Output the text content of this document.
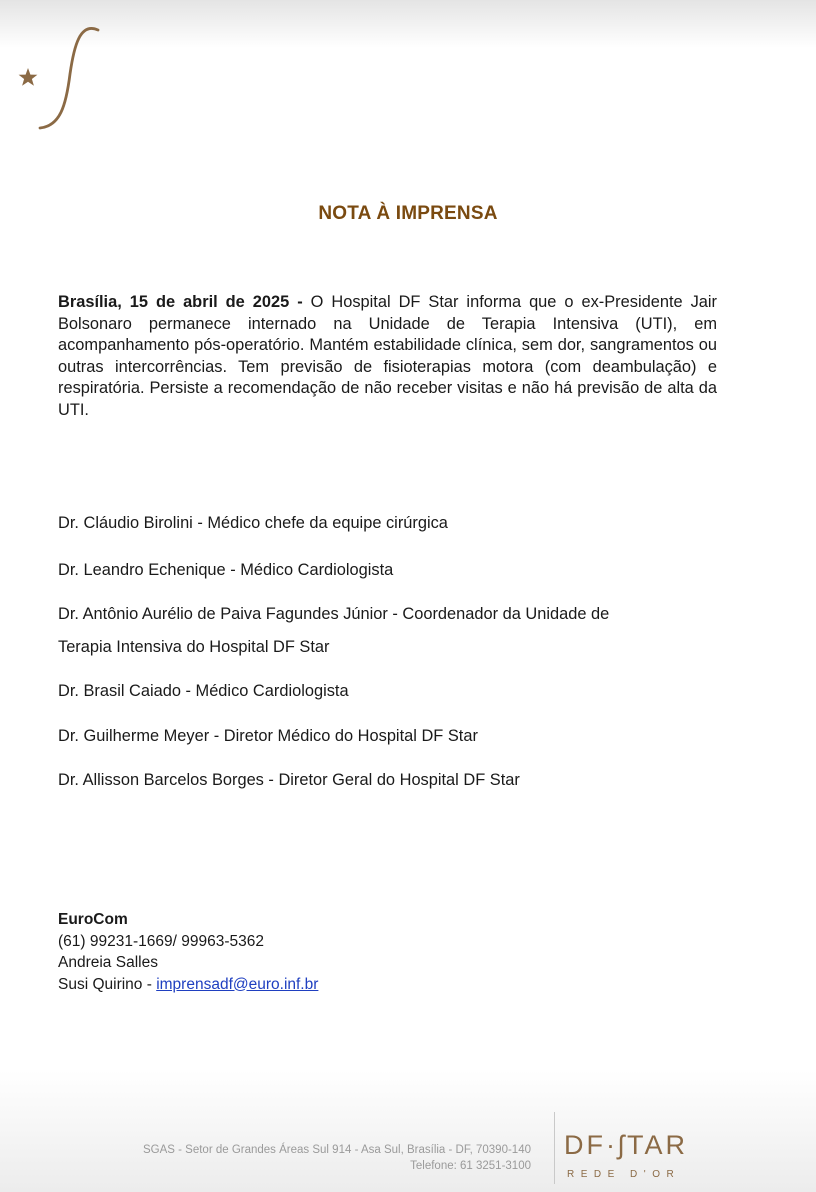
NOTA À IMPRENSA
Brasília, 15 de abril de 2025 - O Hospital DF Star informa que o ex-Presidente Jair Bolsonaro permanece internado na Unidade de Terapia Intensiva (UTI), em acompanhamento pós-operatório. Mantém estabilidade clínica, sem dor, sangramentos ou outras intercorrências. Tem previsão de fisioterapias motora (com deambulação) e respiratória. Persiste a recomendação de não receber visitas e não há previsão de alta da UTI.
Dr. Cláudio Birolini - Médico chefe da equipe cirúrgica
Dr. Leandro Echenique - Médico Cardiologista
Dr. Antônio Aurélio de Paiva Fagundes Júnior - Coordenador da Unidade de
Terapia Intensiva do Hospital DF Star
Dr. Brasil Caiado - Médico Cardiologista
Dr. Guilherme Meyer - Diretor Médico do Hospital DF Star
Dr. Allisson Barcelos Borges - Diretor Geral do Hospital DF Star
EuroCom
(61) 99231-1669/ 99963-5362
Andreia Salles
Susi Quirino - imprensadf@euro.inf.br
SGAS - Setor de Grandes Áreas Sul 914 - Asa Sul, Brasília - DF, 70390-140
Telefone: 61 3251-3100
DF·ʃTAR
REDE D'OR
